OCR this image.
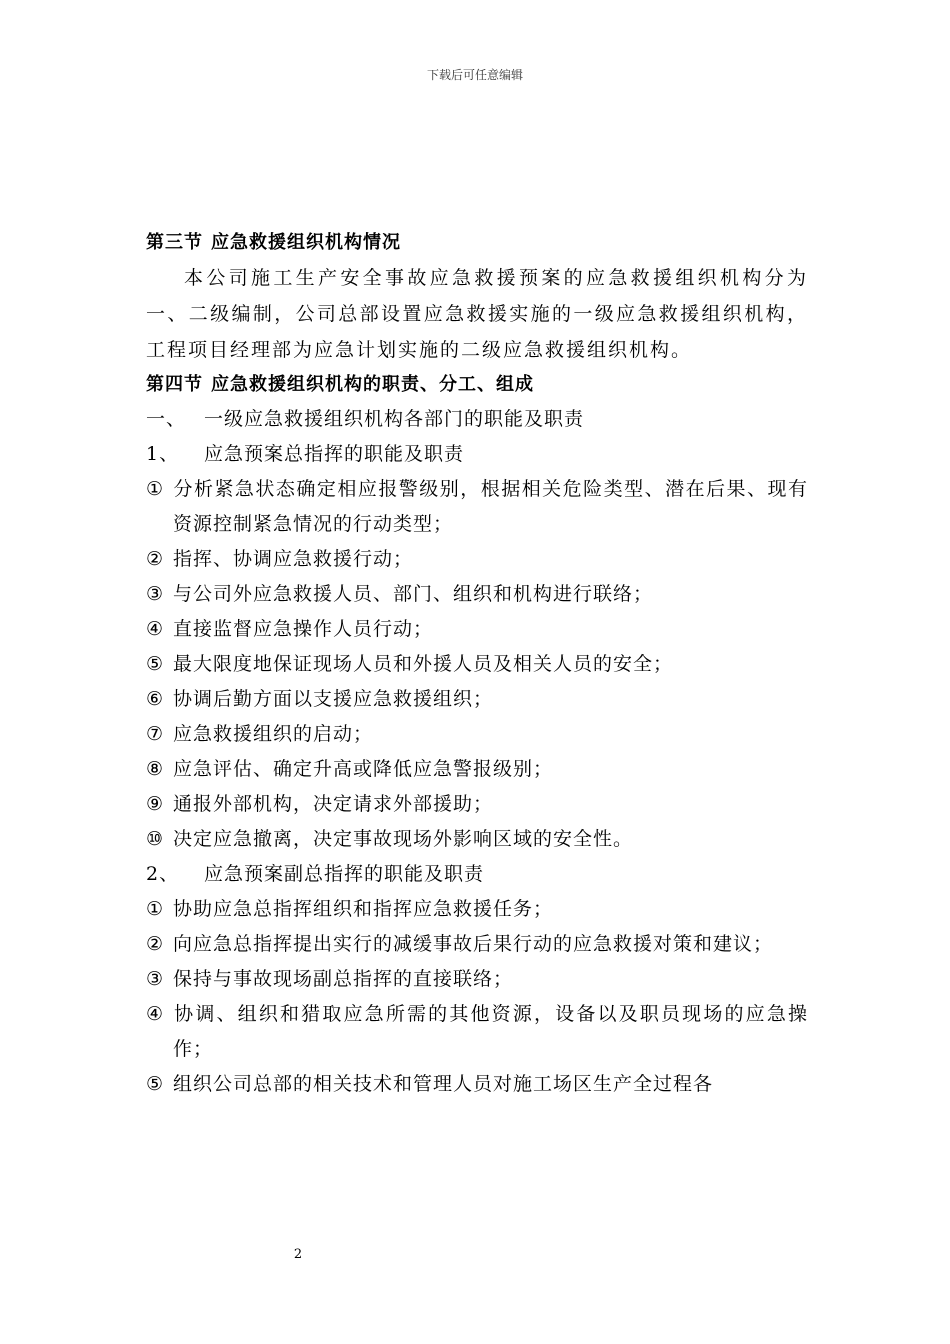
下载后可任意编辑
第三节 应急救援组织机构情况
本公司施工生产安全事故应急救援预案的应急救援组织机构分为一、二级编制，公司总部设置应急救援实施的一级应急救援组织机构，工程项目经理部为应急计划实施的二级应急救援组织机构。
第四节 应急救援组织机构的职责、分工、组成
一、 一级应急救援组织机构各部门的职能及职责
1、 应急预案总指挥的职能及职责
① 分析紧急状态确定相应报警级别，根据相关危险类型、潜在后果、现有资源控制紧急情况的行动类型；
② 指挥、协调应急救援行动；
③ 与公司外应急救援人员、部门、组织和机构进行联络；
④ 直接监督应急操作人员行动；
⑤ 最大限度地保证现场人员和外援人员及相关人员的安全；
⑥ 协调后勤方面以支援应急救援组织；
⑦ 应急救援组织的启动；
⑧ 应急评估、确定升高或降低应急警报级别；
⑨ 通报外部机构，决定请求外部援助；
⑩ 决定应急撤离，决定事故现场外影响区域的安全性。
2、 应急预案副总指挥的职能及职责
① 协助应急总指挥组织和指挥应急救援任务；
② 向应急总指挥提出实行的减缓事故后果行动的应急救援对策和建议；
③ 保持与事故现场副总指挥的直接联络；
④ 协调、组织和猎取应急所需的其他资源，设备以及职员现场的应急操作；
⑤ 组织公司总部的相关技术和管理人员对施工场区生产全过程各
2
